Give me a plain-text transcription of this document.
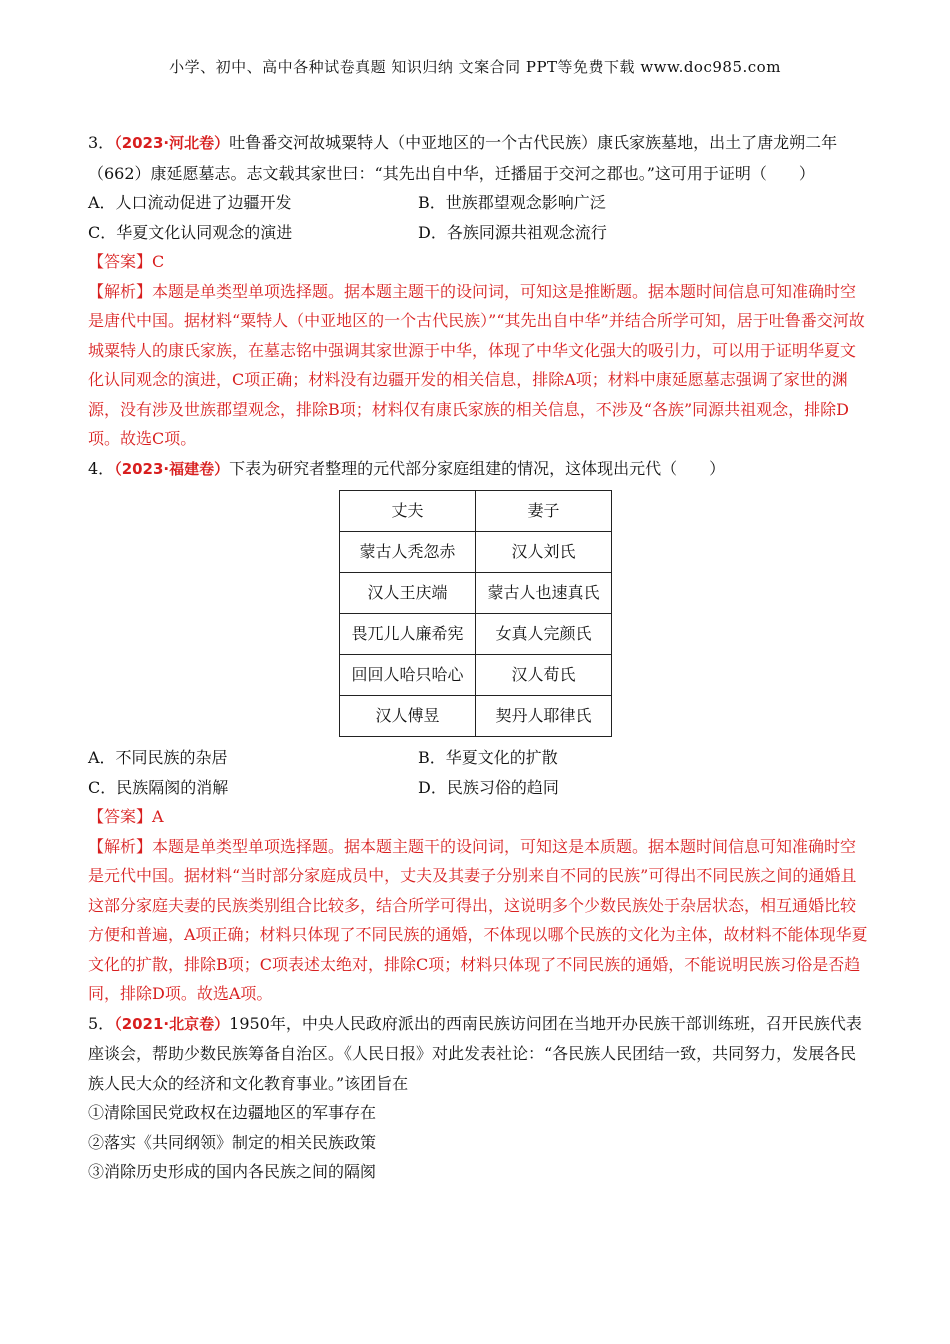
小学、初中、高中各种试卷真题 知识归纳 文案合同 PPT等免费下载 www.doc985.com

3．（2023·河北卷）吐鲁番交河故城粟特人（中亚地区的一个古代民族）康氏家族墓地，出土了唐龙朔二年（662）康延愿墓志。志文载其家世曰：“其先出自中华，迁播届于交河之郡也。”这可用于证明（　　）

A．人口流动促进了边疆开发	B．世族郡望观念影响广泛
C．华夏文化认同观念的演进	D．各族同源共祖观念流行

【答案】C

【解析】本题是单类型单项选择题。据本题主题干的设问词，可知这是推断题。据本题时间信息可知准确时空是唐代中国。据材料“粟特人（中亚地区的一个古代民族）”“其先出自中华”并结合所学可知，居于吐鲁番交河故城粟特人的康氏家族，在墓志铭中强调其家世源于中华，体现了中华文化强大的吸引力，可以用于证明华夏文化认同观念的演进，C项正确；材料没有边疆开发的相关信息，排除A项；材料中康延愿墓志强调了家世的渊源，没有涉及世族郡望观念，排除B项；材料仅有康氏家族的相关信息，不涉及“各族”同源共祖观念，排除D项。故选C项。

4．（2023·福建卷）下表为研究者整理的元代部分家庭组建的情况，这体现出元代（　　）

丈夫	妻子
蒙古人秃忽赤	汉人刘氏
汉人王庆端	蒙古人也速真氏
畏兀儿人廉希宪	女真人完颜氏
回回人哈只哈心	汉人荀氏
汉人傅昱	契丹人耶律氏
A．不同民族的杂居	B．华夏文化的扩散
C．民族隔阂的消解	D．民族习俗的趋同

【答案】A

【解析】本题是单类型单项选择题。据本题主题干的设问词，可知这是本质题。据本题时间信息可知准确时空是元代中国。据材料“当时部分家庭成员中，丈夫及其妻子分别来自不同的民族”可得出不同民族之间的通婚且这部分家庭夫妻的民族类别组合比较多，结合所学可得出，这说明多个少数民族处于杂居状态，相互通婚比较方便和普遍，A项正确；材料只体现了不同民族的通婚，不体现以哪个民族的文化为主体，故材料不能体现华夏文化的扩散，排除B项；C项表述太绝对，排除C项；材料只体现了不同民族的通婚，不能说明民族习俗是否趋同，排除D项。故选A项。

5．（2021·北京卷）1950年，中央人民政府派出的西南民族访问团在当地开办民族干部训练班，召开民族代表座谈会，帮助少数民族筹备自治区。《人民日报》对此发表社论：“各民族人民团结一致，共同努力，发展各民族人民大众的经济和文化教育事业。”该团旨在

①清除国民党政权在边疆地区的军事存在

②落实《共同纲领》制定的相关民族政策

③消除历史形成的国内各民族之间的隔阂
